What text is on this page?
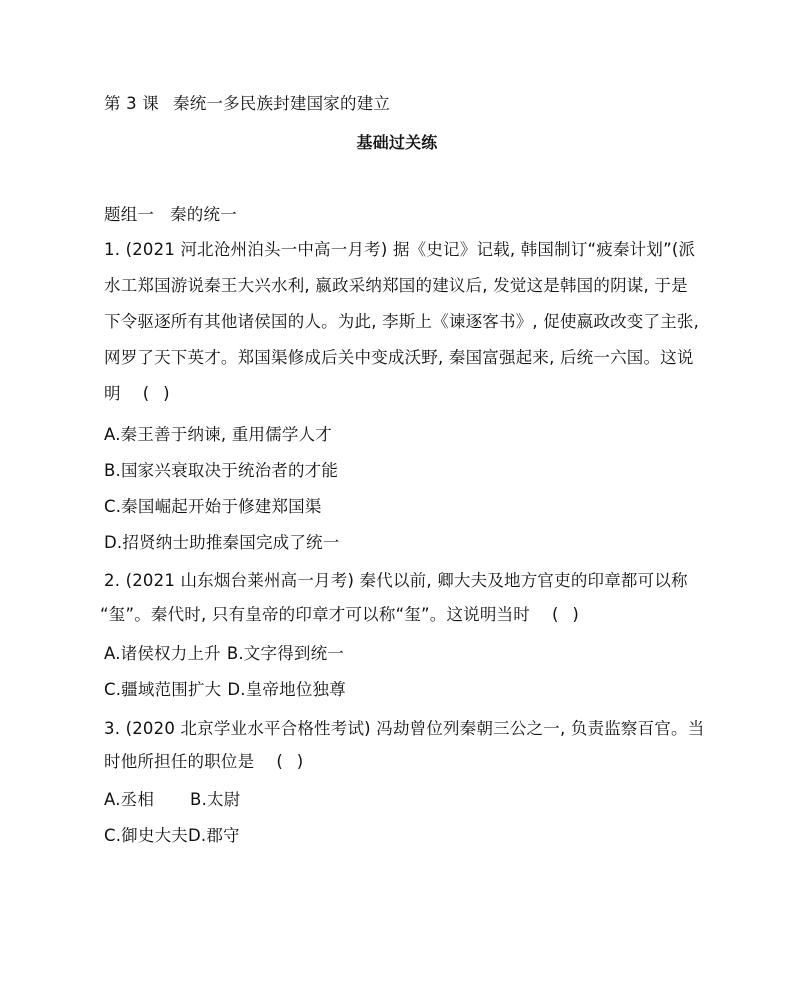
第 3 课 秦统一多民族封建国家的建立
基础过关练
题组一 秦的统一
1. (2021 河北沧州泊头一中高一月考) 据《史记》记载, 韩国制订“疲秦计划”(派
水工郑国游说秦王大兴水利, 嬴政采纳郑国的建议后, 发觉这是韩国的阴谋, 于是
下令驱逐所有其他诸侯国的人。为此, 李斯上《谏逐客书》, 促使嬴政改变了主张,
网罗了天下英才。郑国渠修成后关中变成沃野, 秦国富强起来, 后统一六国。这说
明 ()
A.秦王善于纳谏, 重用儒学人才
B.国家兴衰取决于统治者的才能
C.秦国崛起开始于修建郑国渠
D.招贤纳士助推秦国完成了统一
2. (2021 山东烟台莱州高一月考) 秦代以前, 卿大夫及地方官吏的印章都可以称
“玺”。秦代时, 只有皇帝的印章才可以称“玺”。这说明当时 ()
A.诸侯权力上升 B.文字得到统一
C.疆域范围扩大 D.皇帝地位独尊
3. (2020 北京学业水平合格性考试) 冯劫曾位列秦朝三公之一, 负责监察百官。当
时他所担任的职位是 ()
A.丞相 B.太尉
C.御史大夫D.郡守
